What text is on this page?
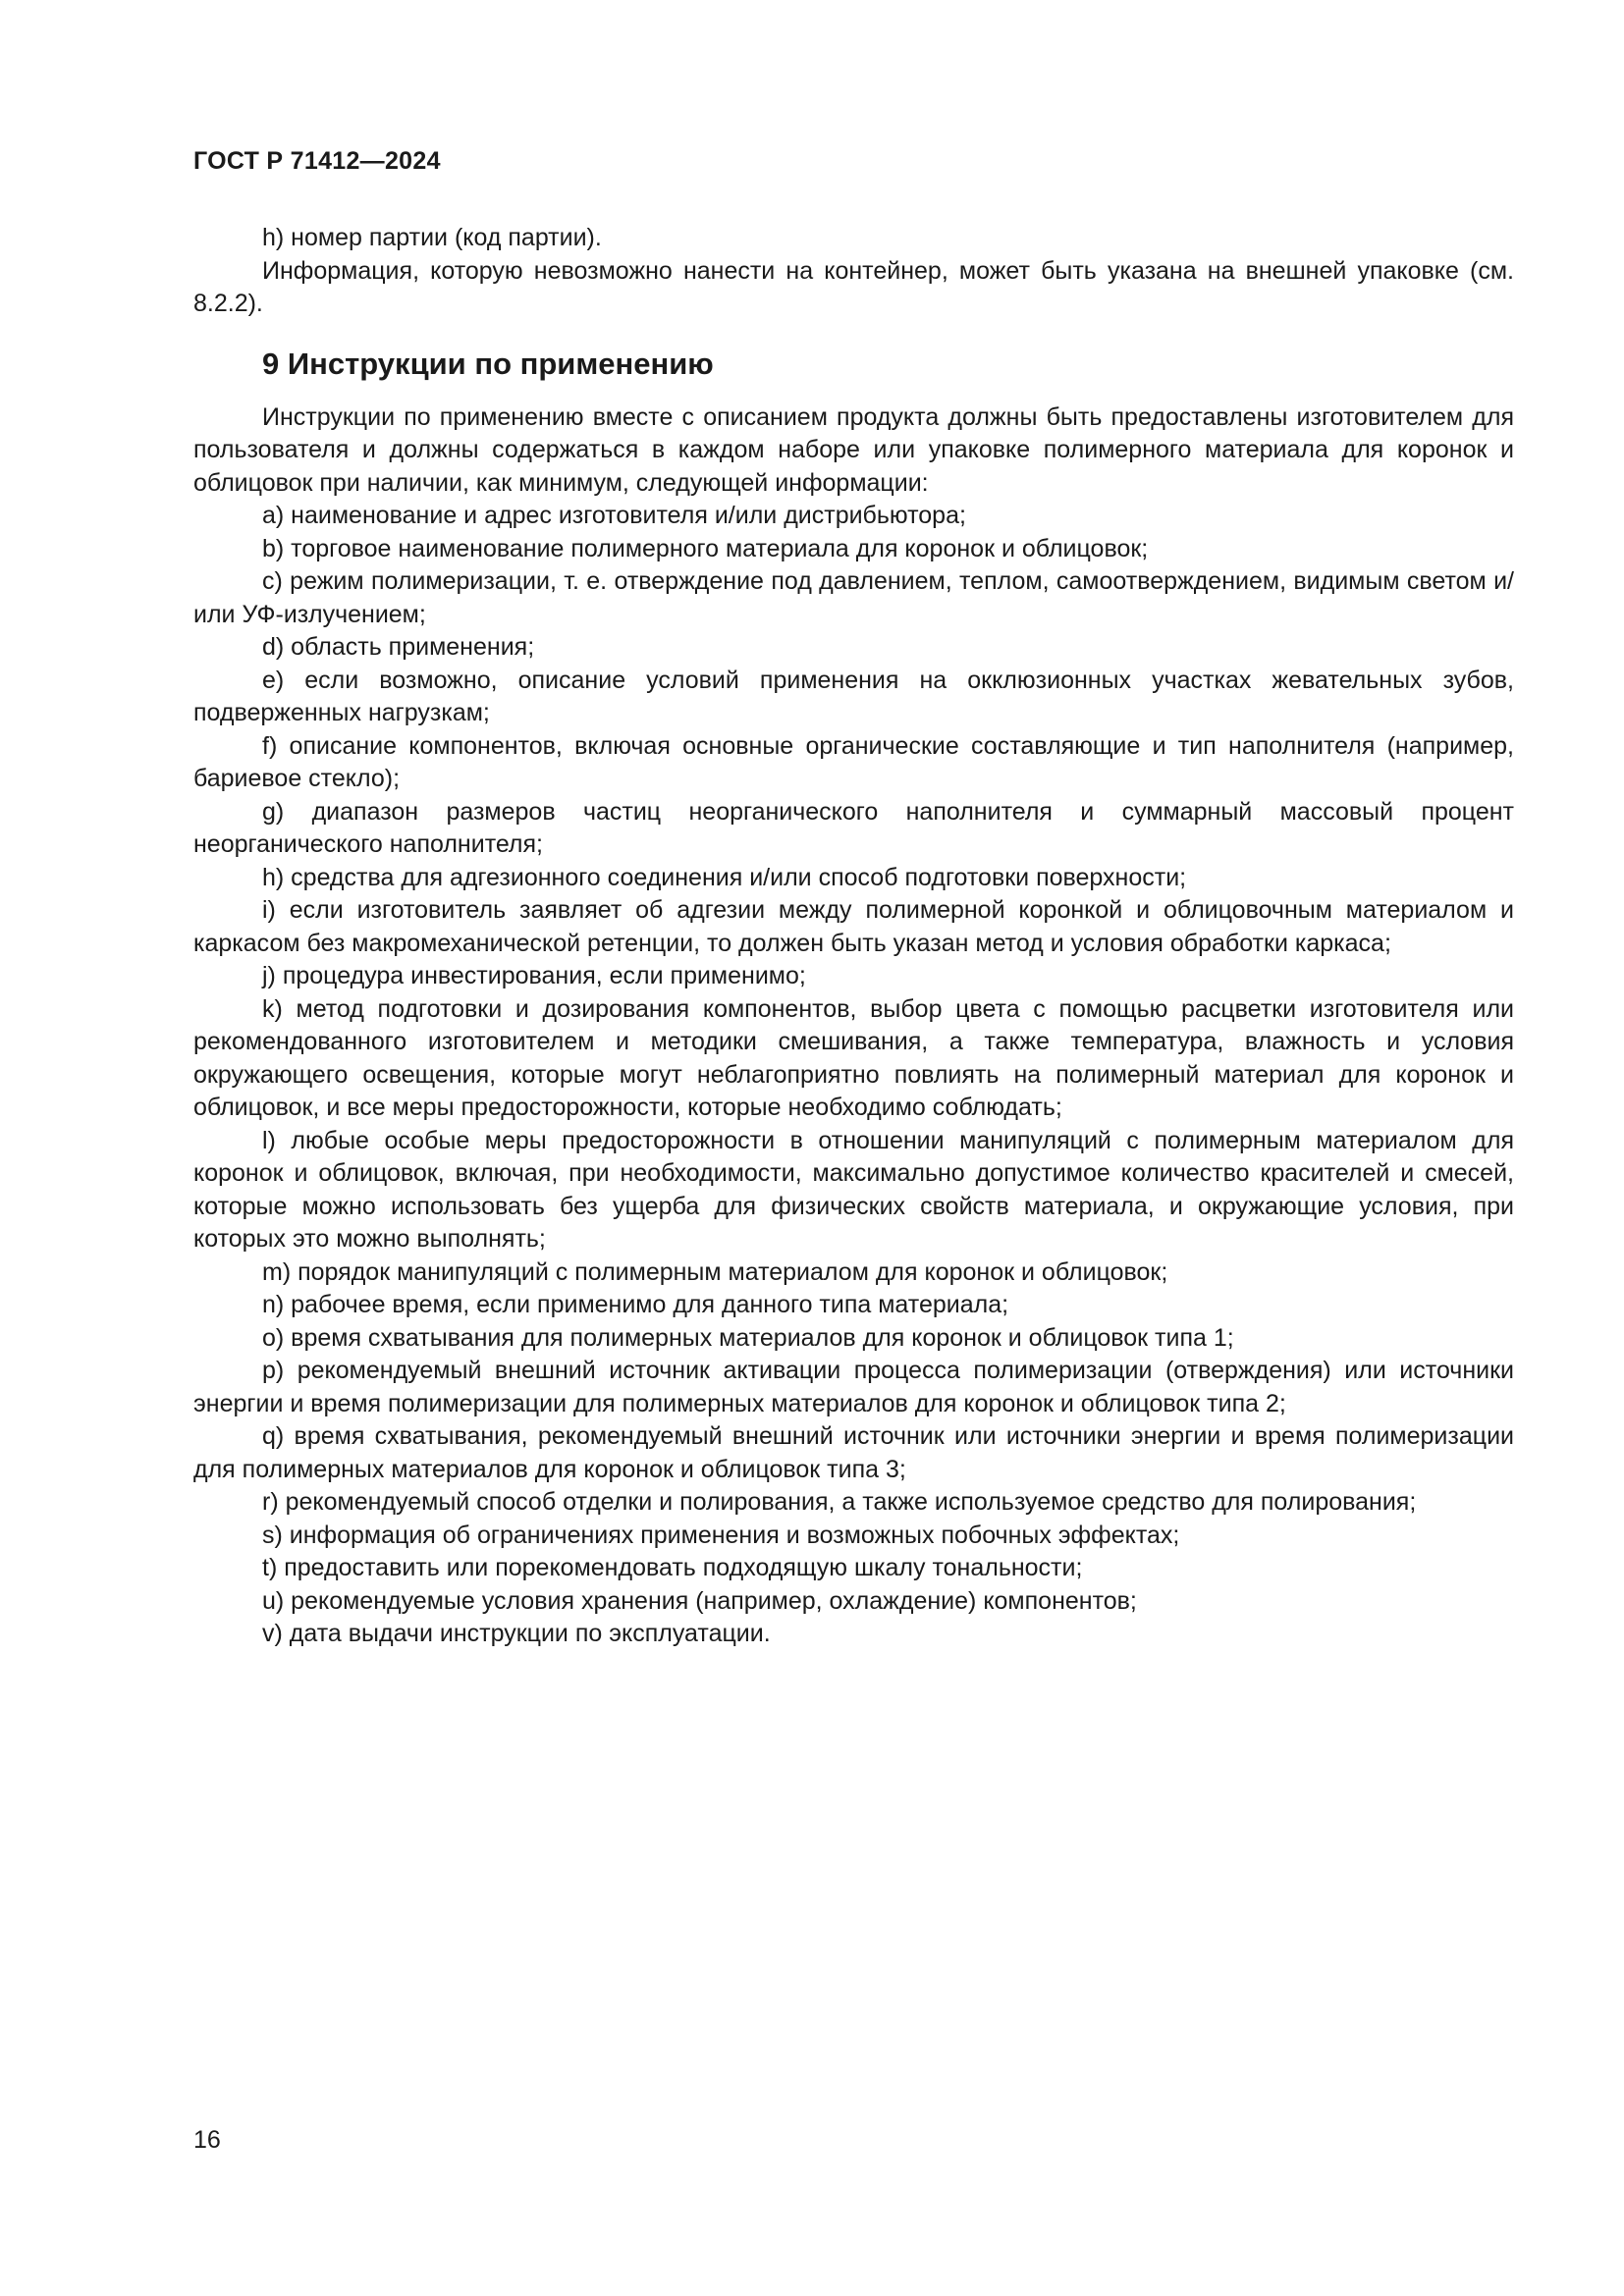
ГОСТ Р 71412—2024

h) номер партии (код партии).

Информация, которую невозможно нанести на контейнер, может быть указана на внешней упаковке (см. 8.2.2).

9 Инструкции по применению

Инструкции по применению вместе с описанием продукта должны быть предоставлены изготовителем для пользователя и должны содержаться в каждом наборе или упаковке полимерного материала для коронок и облицовок при наличии, как минимум, следующей информации:

a) наименование и адрес изготовителя и/или дистрибьютора;

b) торговое наименование полимерного материала для коронок и облицовок;

c) режим полимеризации, т. е. отверждение под давлением, теплом, самоотверждением, видимым светом и/или УФ-излучением;

d) область применения;

e) если возможно, описание условий применения на окклюзионных участках жевательных зубов, подверженных нагрузкам;

f) описание компонентов, включая основные органические составляющие и тип наполнителя (например, бариевое стекло);

g) диапазон размеров частиц неорганического наполнителя и суммарный массовый процент неорганического наполнителя;

h) средства для адгезионного соединения и/или способ подготовки поверхности;

i) если изготовитель заявляет об адгезии между полимерной коронкой и облицовочным материалом и каркасом без макромеханической ретенции, то должен быть указан метод и условия обработки каркаса;

j) процедура инвестирования, если применимо;

k) метод подготовки и дозирования компонентов, выбор цвета с помощью расцветки изготовителя или рекомендованного изготовителем и методики смешивания, а также температура, влажность и условия окружающего освещения, которые могут неблагоприятно повлиять на полимерный материал для коронок и облицовок, и все меры предосторожности, которые необходимо соблюдать;

l) любые особые меры предосторожности в отношении манипуляций с полимерным материалом для коронок и облицовок, включая, при необходимости, максимально допустимое количество красителей и смесей, которые можно использовать без ущерба для физических свойств материала, и окружающие условия, при которых это можно выполнять;

m) порядок манипуляций с полимерным материалом для коронок и облицовок;

n) рабочее время, если применимо для данного типа материала;

o) время схватывания для полимерных материалов для коронок и облицовок типа 1;

p) рекомендуемый внешний источник активации процесса полимеризации (отверждения) или источники энергии и время полимеризации для полимерных материалов для коронок и облицовок типа 2;

q) время схватывания, рекомендуемый внешний источник или источники энергии и время полимеризации для полимерных материалов для коронок и облицовок типа 3;

r) рекомендуемый способ отделки и полирования, а также используемое средство для полирования;

s) информация об ограничениях применения и возможных побочных эффектах;

t) предоставить или порекомендовать подходящую шкалу тональности;

u) рекомендуемые условия хранения (например, охлаждение) компонентов;

v) дата выдачи инструкции по эксплуатации.

16
